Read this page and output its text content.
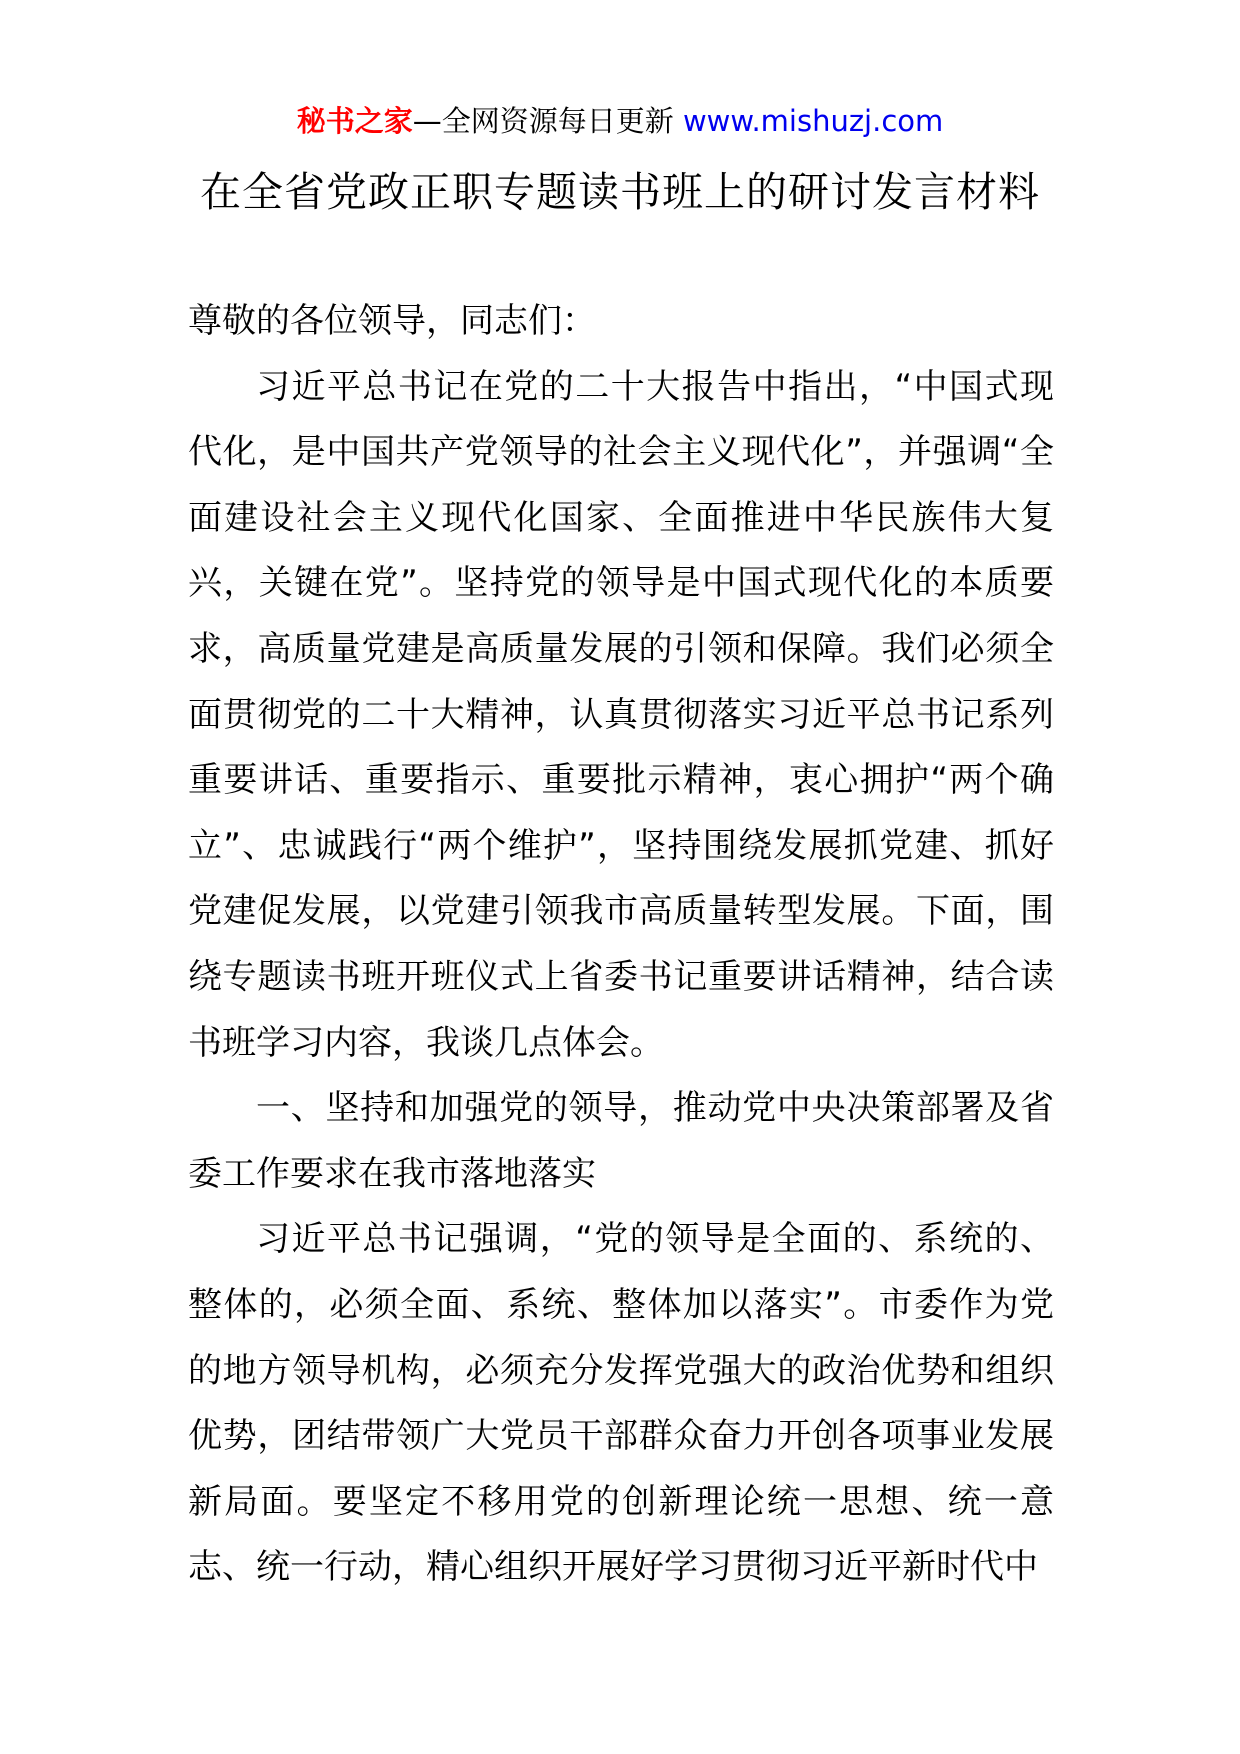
秘书之家—全网资源每日更新 www.mishuzj.com
在全省党政正职专题读书班上的研讨发言材料

尊敬的各位领导，同志们：

习近平总书记在党的二十大报告中指出，“中国式现代化，是中国共产党领导的社会主义现代化”，并强调“全面建设社会主义现代化国家、全面推进中华民族伟大复兴，关键在党”。坚持党的领导是中国式现代化的本质要求，高质量党建是高质量发展的引领和保障。我们必须全面贯彻党的二十大精神，认真贯彻落实习近平总书记系列重要讲话、重要指示、重要批示精神，衷心拥护“两个确立”、忠诚践行“两个维护”，坚持围绕发展抓党建、抓好党建促发展，以党建引领我市高质量转型发展。下面，围绕专题读书班开班仪式上省委书记重要讲话精神，结合读书班学习内容，我谈几点体会。

一、坚持和加强党的领导，推动党中央决策部署及省委工作要求在我市落地落实

习近平总书记强调，“党的领导是全面的、系统的、整体的，必须全面、系统、整体加以落实”。市委作为党的地方领导机构，必须充分发挥党强大的政治优势和组织优势，团结带领广大党员干部群众奋力开创各项事业发展新局面。要坚定不移用党的创新理论统一思想、统一意志、统一行动，精心组织开展好学习贯彻习近平新时代中
